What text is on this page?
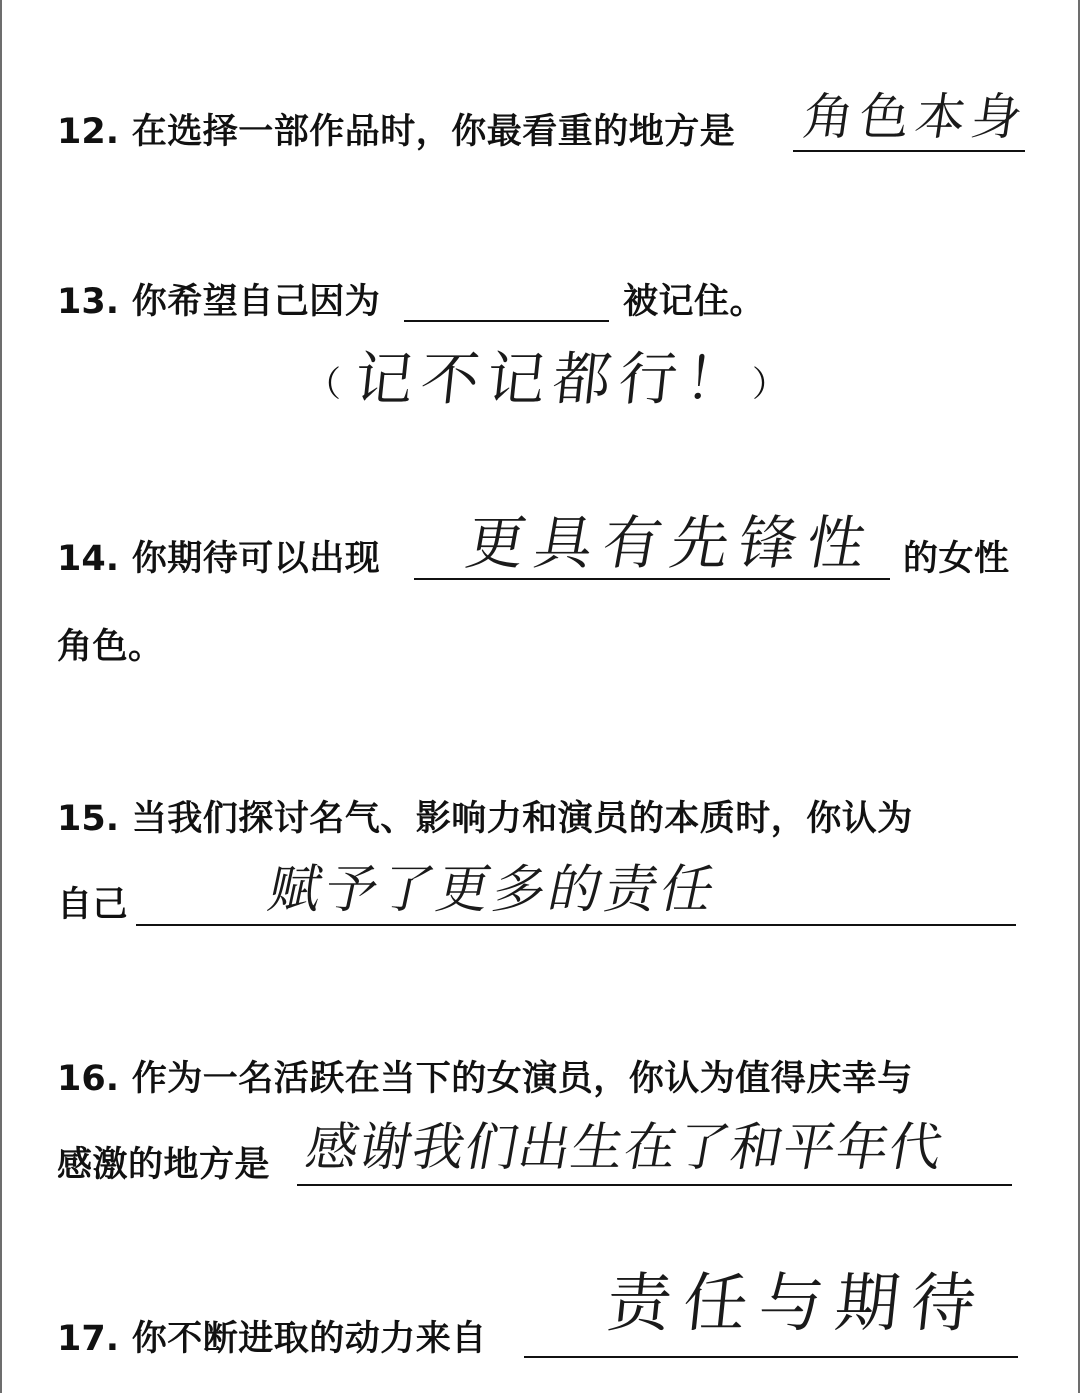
12. 在选择一部作品时，你最看重的地方是 角色本身
13. 你希望自己因为	被记住。
（ 记不记都行！
）
14. 你期待可以出现 更具有先锋性 的女性
角色。
15. 当我们探讨名气、影响力和演员的本质时，你认为
自己	赋予了更多的责任
16. 作为一名活跃在当下的女演员，你认为值得庆幸与
感激的地方是 感谢我们出生在了和平年代
17. 你不断进取的动力来自 责任与期待
